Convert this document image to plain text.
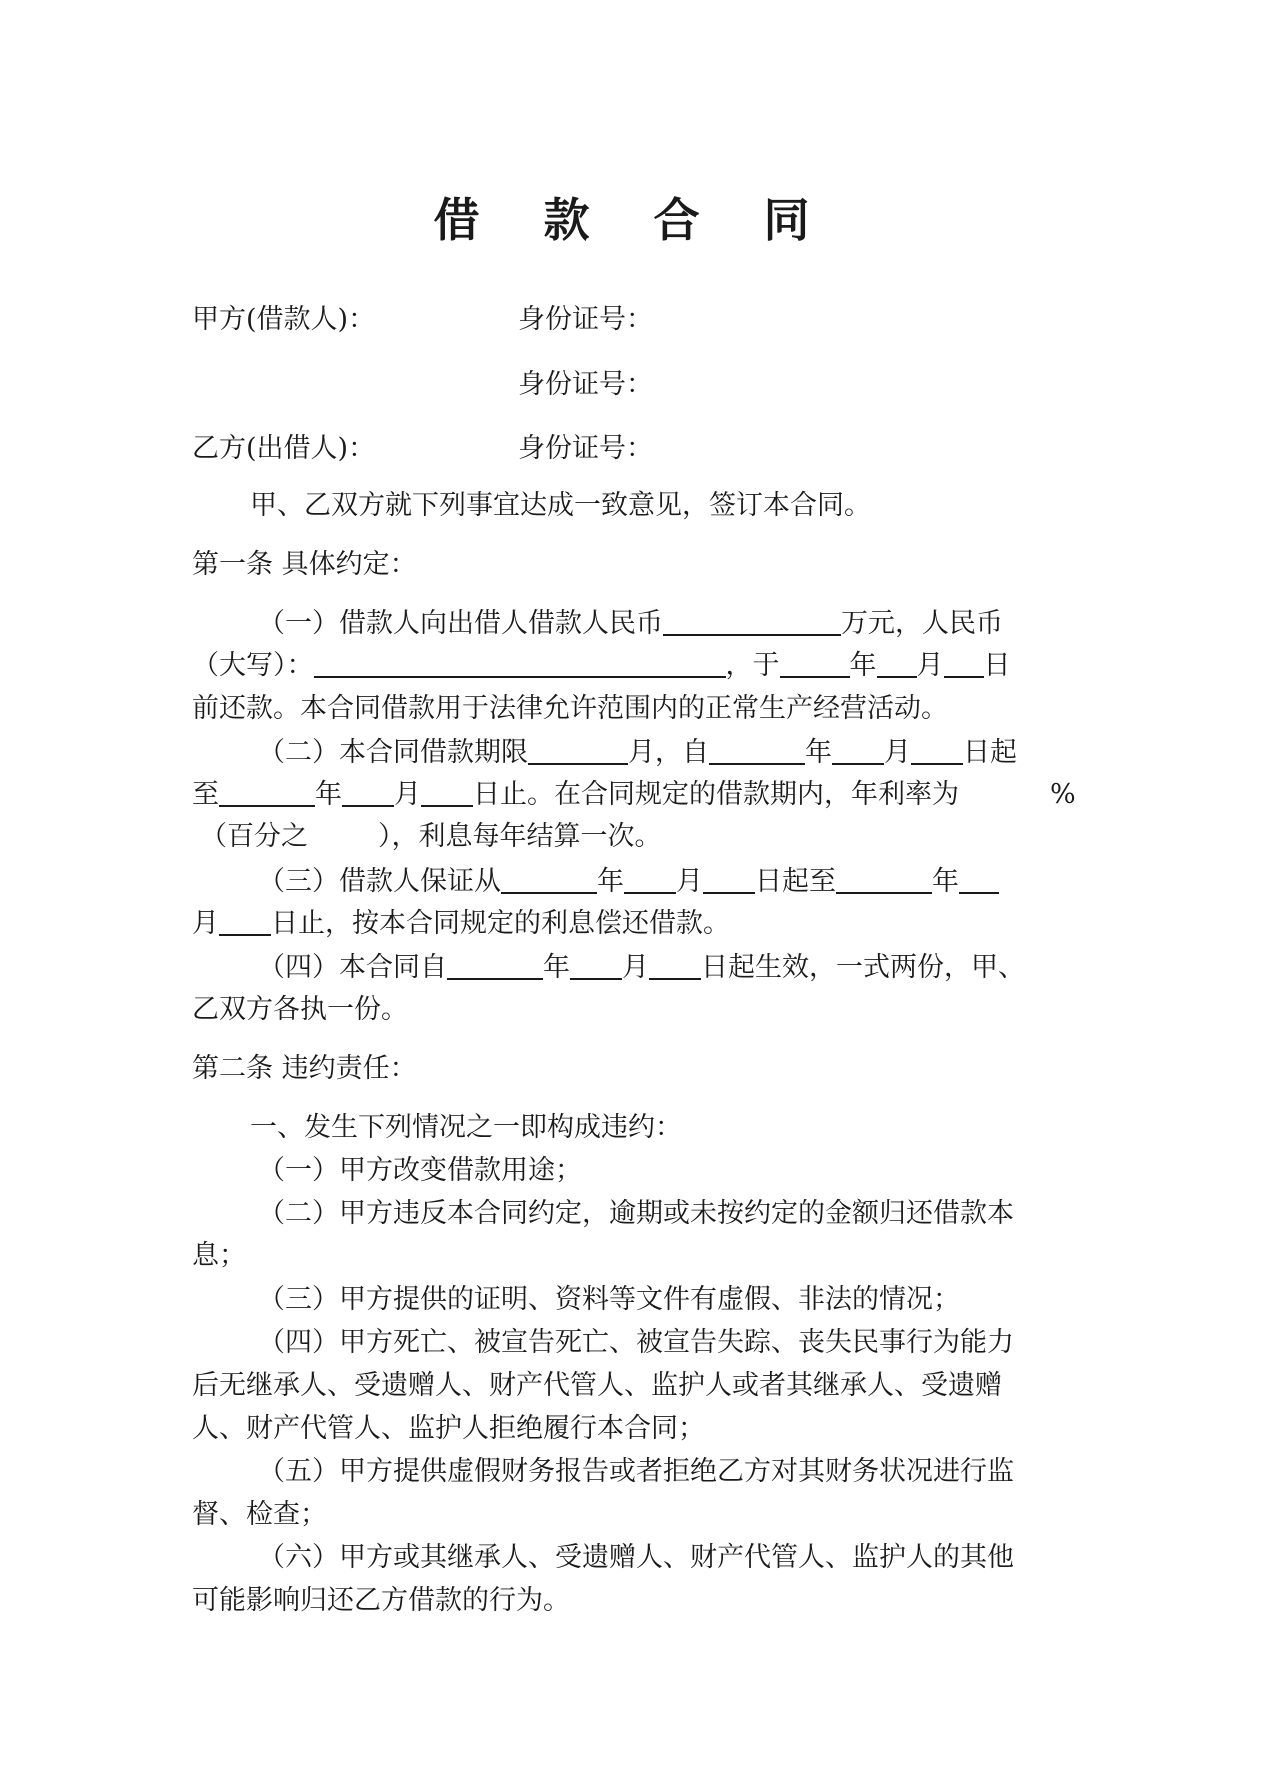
借 款 合 同
甲方(借款人)：	身份证号：
身份证号：
乙方(出借人)：	身份证号：
甲、乙双方就下列事宜达成一致意见，签订本合同。
第一条 具体约定：
（一）借款人向出借人借款人民币	万元，人民币
（大写）：	，于	年 月 日
前还款。本合同借款用于法律允许范围内的正常生产经营活动。
（二）本合同借款期限	月，自	年 月 日起
至	年 月 日止。在合同规定的借款期内，年利率为	%
（百分之	），利息每年结算一次。
（三）借款人保证从	年 月 日起至	年
月 日止，按本合同规定的利息偿还借款。
（四）本合同自	年 月 日起生效，一式两份，甲、
乙双方各执一份。
第二条 违约责任：
一、发生下列情况之一即构成违约：
（一）甲方改变借款用途；
（二）甲方违反本合同约定，逾期或未按约定的金额归还借款本
息；
（三）甲方提供的证明、资料等文件有虚假、非法的情况；
（四）甲方死亡、被宣告死亡、被宣告失踪、丧失民事行为能力
后无继承人、受遗赠人、财产代管人、监护人或者其继承人、受遗赠
人、财产代管人、监护人拒绝履行本合同；
（五）甲方提供虚假财务报告或者拒绝乙方对其财务状况进行监
督、检查；
（六）甲方或其继承人、受遗赠人、财产代管人、监护人的其他
可能影响归还乙方借款的行为。
